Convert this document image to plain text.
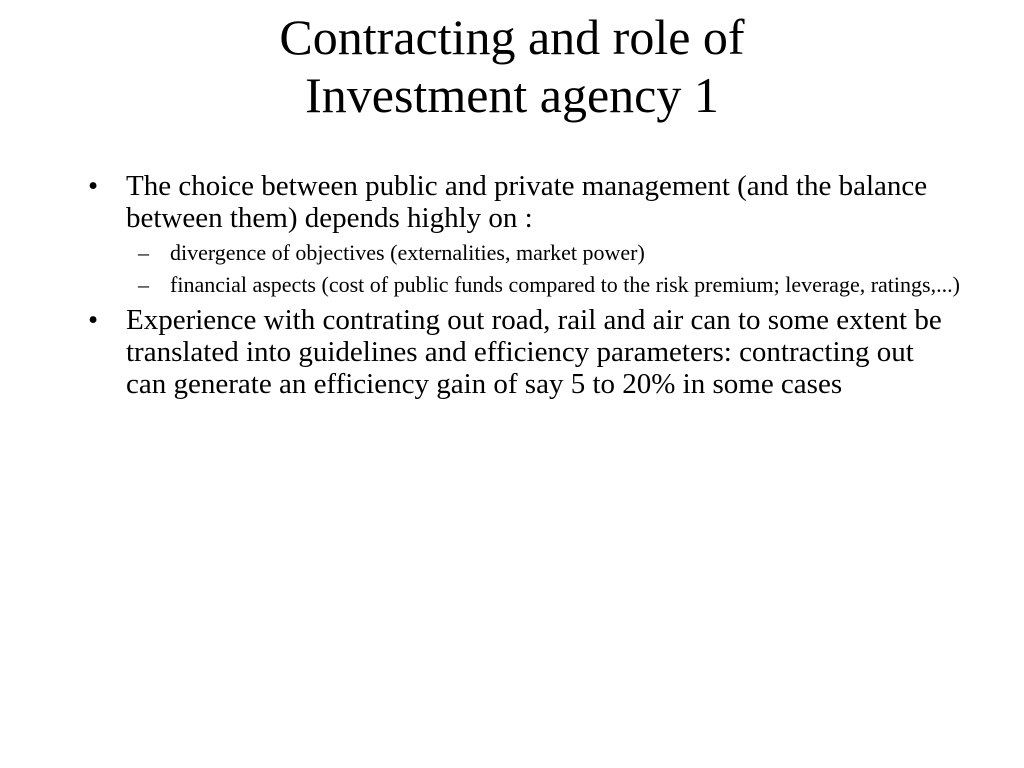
Contracting and role of
Investment agency 1
• The choice between public and private management (and the balance between them) depends highly on :
– divergence of objectives (externalities, market power)
– financial aspects (cost of public funds compared to the risk premium; leverage, ratings,...)
• Experience with contrating out road, rail and air can to some extent be translated into guidelines and efficiency parameters: contracting out can generate an efficiency gain of say 5 to 20% in some cases
